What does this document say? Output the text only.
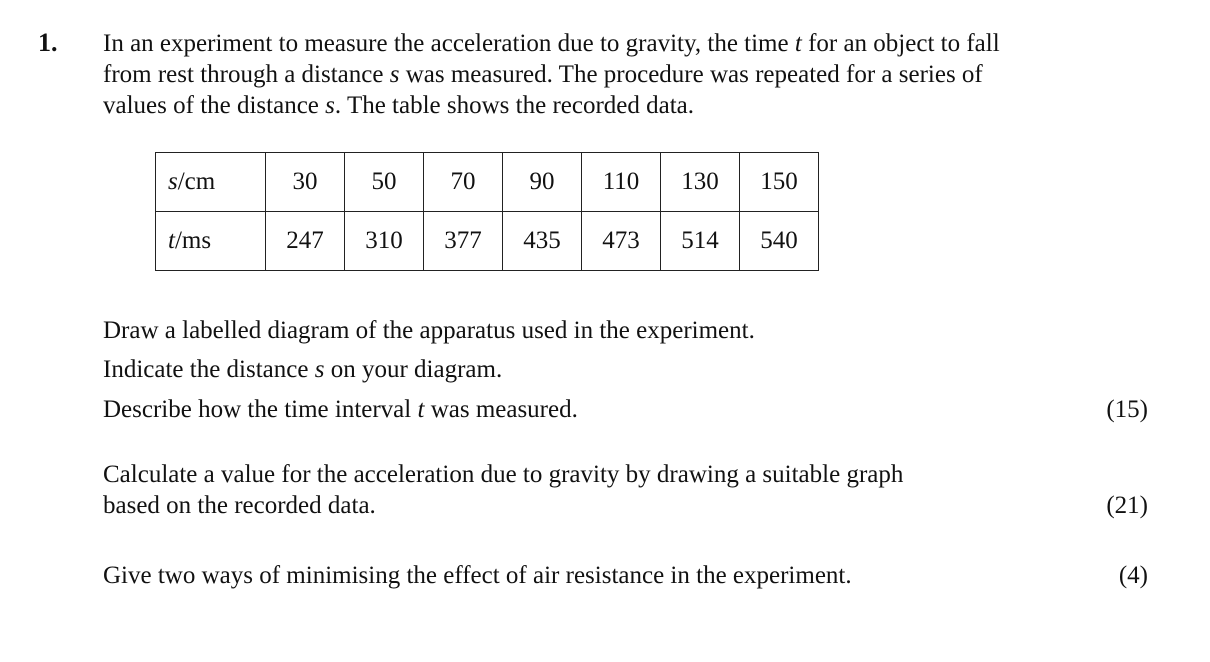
1. In an experiment to measure the acceleration due to gravity, the time t for an object to fall

from rest through a distance s was measured. The procedure was repeated for a series of

values of the distance s. The table shows the recorded data.

s/cm	30	50	70	90	110	130	150
t/ms	247	310	377	435	473	514	540
Draw a labelled diagram of the apparatus used in the experiment.
Indicate the distance s on your diagram.
Describe how the time interval t was measured.	(15)
Calculate a value for the acceleration due to gravity by drawing a suitable graph
based on the recorded data.	(21)
Give two ways of minimising the effect of air resistance in the experiment.	(4)
